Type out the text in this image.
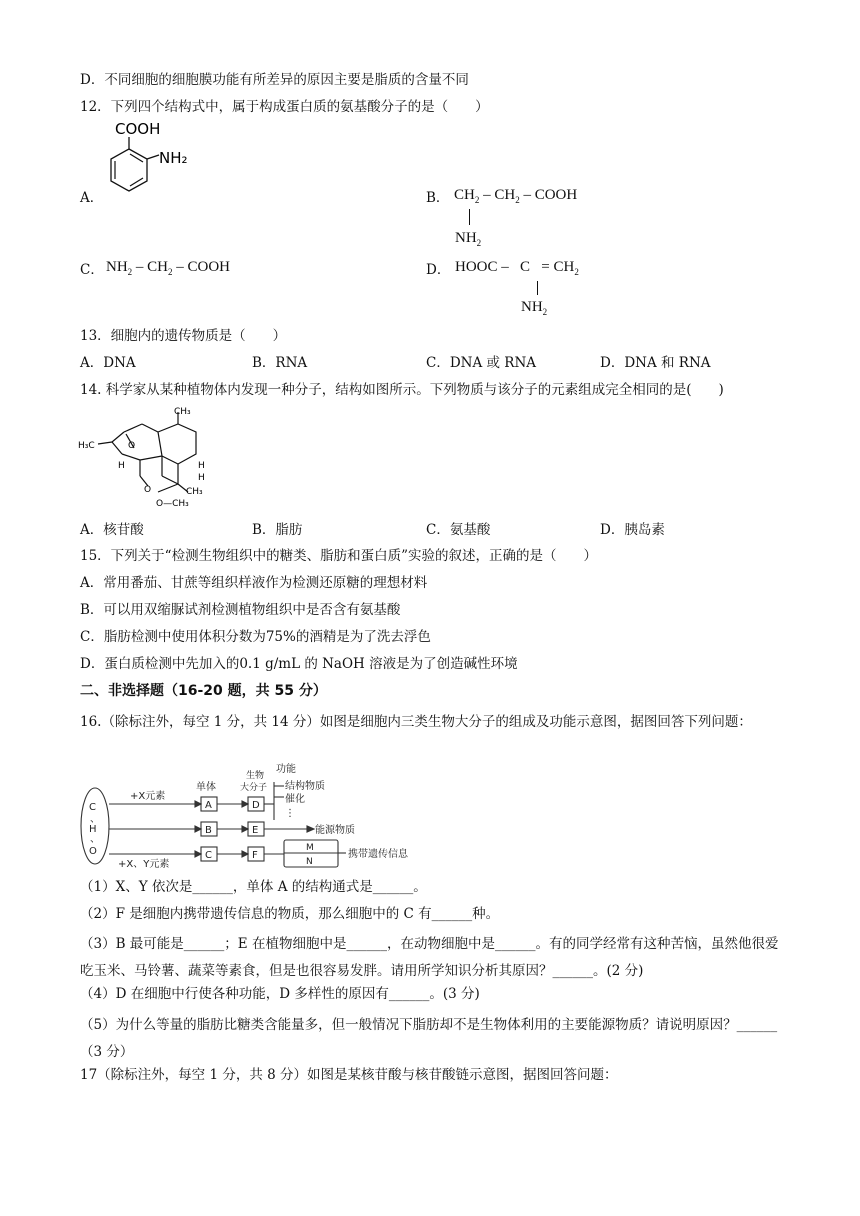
D．不同细胞的细胞膜功能有所差异的原因主要是脂质的含量不同
12．下列四个结构式中，属于构成蛋白质的氨基酸分子的是（　　）
A．
COOH
NH₂
B． $CH_2 - CH_2$ – COOH
$NH_2$
C． $NH_2 - CH_2$ – COOH	D． HOOC –   $C = CH_2$
$NH_2$
13．细胞内的遗传物质是（　　）
A．DNA	B．RNA	C．DNA 或 RNA	D．DNA 和 RNA
14. 科学家从某种植物体内发现一种分子，结构如图所示。下列物质与该分子的元素组成完全相同的是(　　)
CH₃
H₃C	O
H	H
H
O	CH₃
O—CH₃
A．核苷酸	B．脂肪	C．氨基酸	D．胰岛素
15．下列关于“检测生物组织中的糖类、脂肪和蛋白质”实验的叙述，正确的是（　　）
A．常用番茄、甘蔗等组织样液作为检测还原糖的理想材料
B．可以用双缩脲试剂检测植物组织中是否含有氨基酸
C．脂肪检测中使用体积分数为75%的酒精是为了洗去浮色
D．蛋白质检测中先加入的0.1 g/mL 的 NaOH 溶液是为了创造碱性环境
二、非选择题（16-20 题，共 55 分）
16.（除标注外，每空 1 分，共 14 分）如图是细胞内三类生物大分子的组成及功能示意图，据图回答下列问题：
C
、
H
、
O
+X元素
+X、Y元素
单体
生物
大分子
功能
A
B
C
D
E
F
结构物质
催化
⋮
能源物质
M
N
携带遗传信息
（1）X、Y 依次是______，单体 A 的结构通式是______。
（2）F 是细胞内携带遗传信息的物质，那么细胞中的 C 有______种。
（3）B 最可能是______；E 在植物细胞中是______，在动物细胞中是______。有的同学经常有这种苦恼，虽然他很爱吃玉米、马铃薯、蔬菜等素食，但是也很容易发胖。请用所学知识分析其原因？______。(2 分)
（4）D 在细胞中行使各种功能，D 多样性的原因有______。(3 分)
（5）为什么等量的脂肪比糖类含能量多，但一般情况下脂肪却不是生物体利用的主要能源物质？请说明原因？______（3 分）
17（除标注外，每空 1 分，共 8 分）如图是某核苷酸与核苷酸链示意图，据图回答问题：
